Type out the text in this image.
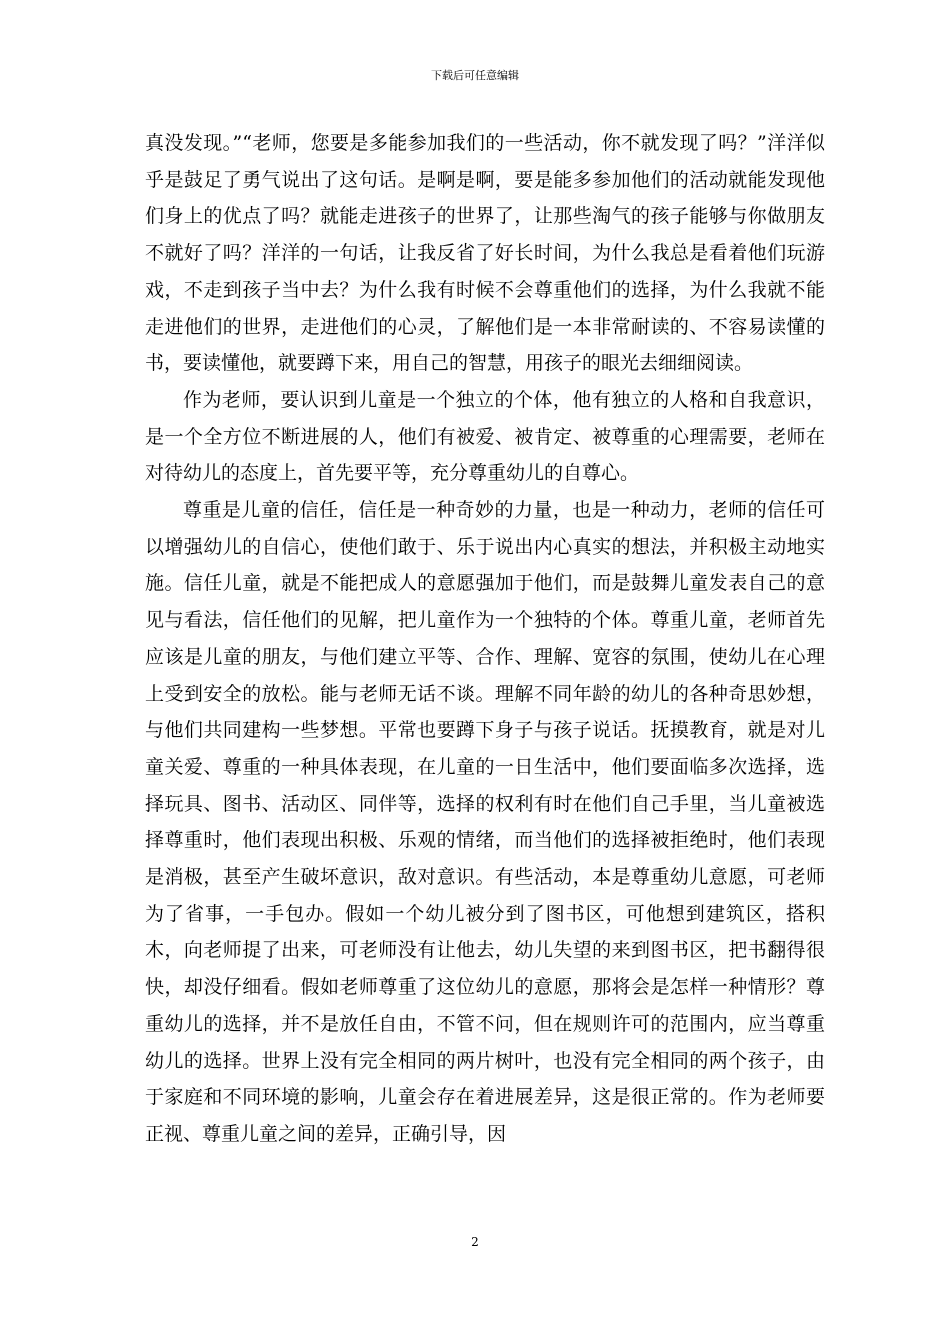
下载后可任意编辑

真没发现。”“老师，您要是多能参加我们的一些活动，你不就发现了吗？”洋洋似乎是鼓足了勇气说出了这句话。是啊是啊，要是能多参加他们的活动就能发现他们身上的优点了吗？就能走进孩子的世界了，让那些淘气的孩子能够与你做朋友不就好了吗？洋洋的一句话，让我反省了好长时间，为什么我总是看着他们玩游戏，不走到孩子当中去？为什么我有时候不会尊重他们的选择，为什么我就不能走进他们的世界，走进他们的心灵，了解他们是一本非常耐读的、不容易读懂的书，要读懂他，就要蹲下来，用自己的智慧，用孩子的眼光去细细阅读。

作为老师，要认识到儿童是一个独立的个体，他有独立的人格和自我意识，是一个全方位不断进展的人，他们有被爱、被肯定、被尊重的心理需要，老师在对待幼儿的态度上，首先要平等，充分尊重幼儿的自尊心。

尊重是儿童的信任，信任是一种奇妙的力量，也是一种动力，老师的信任可以增强幼儿的自信心，使他们敢于、乐于说出内心真实的想法，并积极主动地实施。信任儿童，就是不能把成人的意愿强加于他们，而是鼓舞儿童发表自己的意见与看法，信任他们的见解，把儿童作为一个独特的个体。尊重儿童，老师首先应该是儿童的朋友，与他们建立平等、合作、理解、宽容的氛围，使幼儿在心理上受到安全的放松。能与老师无话不谈。理解不同年龄的幼儿的各种奇思妙想，与他们共同建构一些梦想。平常也要蹲下身子与孩子说话。抚摸教育，就是对儿童关爱、尊重的一种具体表现，在儿童的一日生活中，他们要面临多次选择，选择玩具、图书、活动区、同伴等，选择的权利有时在他们自己手里，当儿童被选择尊重时，他们表现出积极、乐观的情绪，而当他们的选择被拒绝时，他们表现是消极，甚至产生破坏意识，敌对意识。有些活动，本是尊重幼儿意愿，可老师为了省事，一手包办。假如一个幼儿被分到了图书区，可他想到建筑区，搭积木，向老师提了出来，可老师没有让他去，幼儿失望的来到图书区，把书翻得很快，却没仔细看。假如老师尊重了这位幼儿的意愿，那将会是怎样一种情形？尊重幼儿的选择，并不是放任自由，不管不问，但在规则许可的范围内，应当尊重幼儿的选择。世界上没有完全相同的两片树叶，也没有完全相同的两个孩子，由于家庭和不同环境的影响，儿童会存在着进展差异，这是很正常的。作为老师要正视、尊重儿童之间的差异，正确引导，因

2
